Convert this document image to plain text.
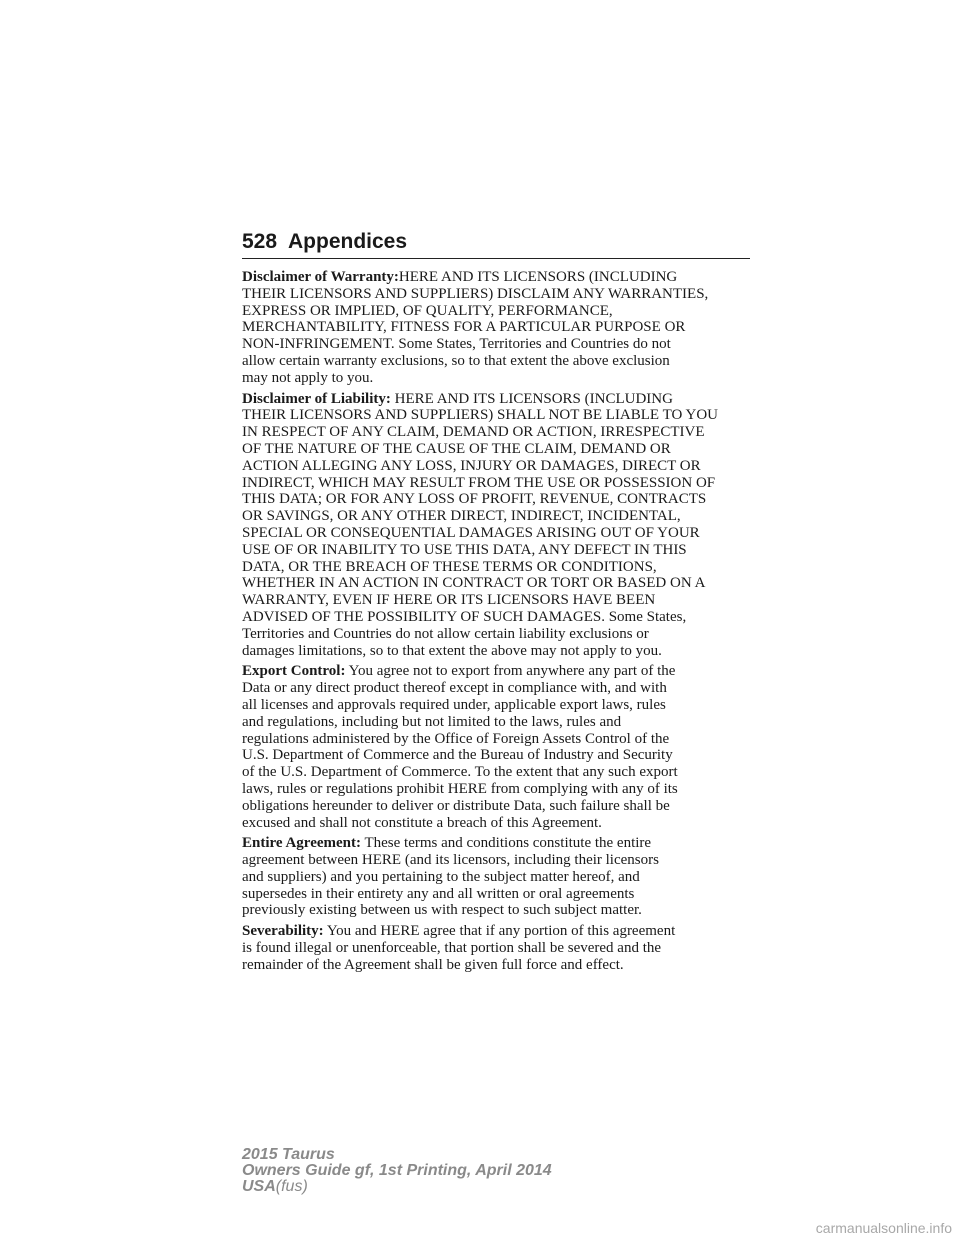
528 Appendices

Disclaimer of Warranty:HERE AND ITS LICENSORS (INCLUDING
THEIR LICENSORS AND SUPPLIERS) DISCLAIM ANY WARRANTIES,
EXPRESS OR IMPLIED, OF QUALITY, PERFORMANCE,
MERCHANTABILITY, FITNESS FOR A PARTICULAR PURPOSE OR
NON-INFRINGEMENT. Some States, Territories and Countries do not
allow certain warranty exclusions, so to that extent the above exclusion
may not apply to you.

Disclaimer of Liability: HERE AND ITS LICENSORS (INCLUDING
THEIR LICENSORS AND SUPPLIERS) SHALL NOT BE LIABLE TO YOU
IN RESPECT OF ANY CLAIM, DEMAND OR ACTION, IRRESPECTIVE
OF THE NATURE OF THE CAUSE OF THE CLAIM, DEMAND OR
ACTION ALLEGING ANY LOSS, INJURY OR DAMAGES, DIRECT OR
INDIRECT, WHICH MAY RESULT FROM THE USE OR POSSESSION OF
THIS DATA; OR FOR ANY LOSS OF PROFIT, REVENUE, CONTRACTS
OR SAVINGS, OR ANY OTHER DIRECT, INDIRECT, INCIDENTAL,
SPECIAL OR CONSEQUENTIAL DAMAGES ARISING OUT OF YOUR
USE OF OR INABILITY TO USE THIS DATA, ANY DEFECT IN THIS
DATA, OR THE BREACH OF THESE TERMS OR CONDITIONS,
WHETHER IN AN ACTION IN CONTRACT OR TORT OR BASED ON A
WARRANTY, EVEN IF HERE OR ITS LICENSORS HAVE BEEN
ADVISED OF THE POSSIBILITY OF SUCH DAMAGES. Some States,
Territories and Countries do not allow certain liability exclusions or
damages limitations, so to that extent the above may not apply to you.

Export Control: You agree not to export from anywhere any part of the
Data or any direct product thereof except in compliance with, and with
all licenses and approvals required under, applicable export laws, rules
and regulations, including but not limited to the laws, rules and
regulations administered by the Office of Foreign Assets Control of the
U.S. Department of Commerce and the Bureau of Industry and Security
of the U.S. Department of Commerce. To the extent that any such export
laws, rules or regulations prohibit HERE from complying with any of its
obligations hereunder to deliver or distribute Data, such failure shall be
excused and shall not constitute a breach of this Agreement.

Entire Agreement: These terms and conditions constitute the entire
agreement between HERE (and its licensors, including their licensors
and suppliers) and you pertaining to the subject matter hereof, and
supersedes in their entirety any and all written or oral agreements
previously existing between us with respect to such subject matter.

Severability: You and HERE agree that if any portion of this agreement
is found illegal or unenforceable, that portion shall be severed and the
remainder of the Agreement shall be given full force and effect.

2015 Taurus
Owners Guide gf, 1st Printing, April 2014
USA(fus)
carmanualsonline.info
